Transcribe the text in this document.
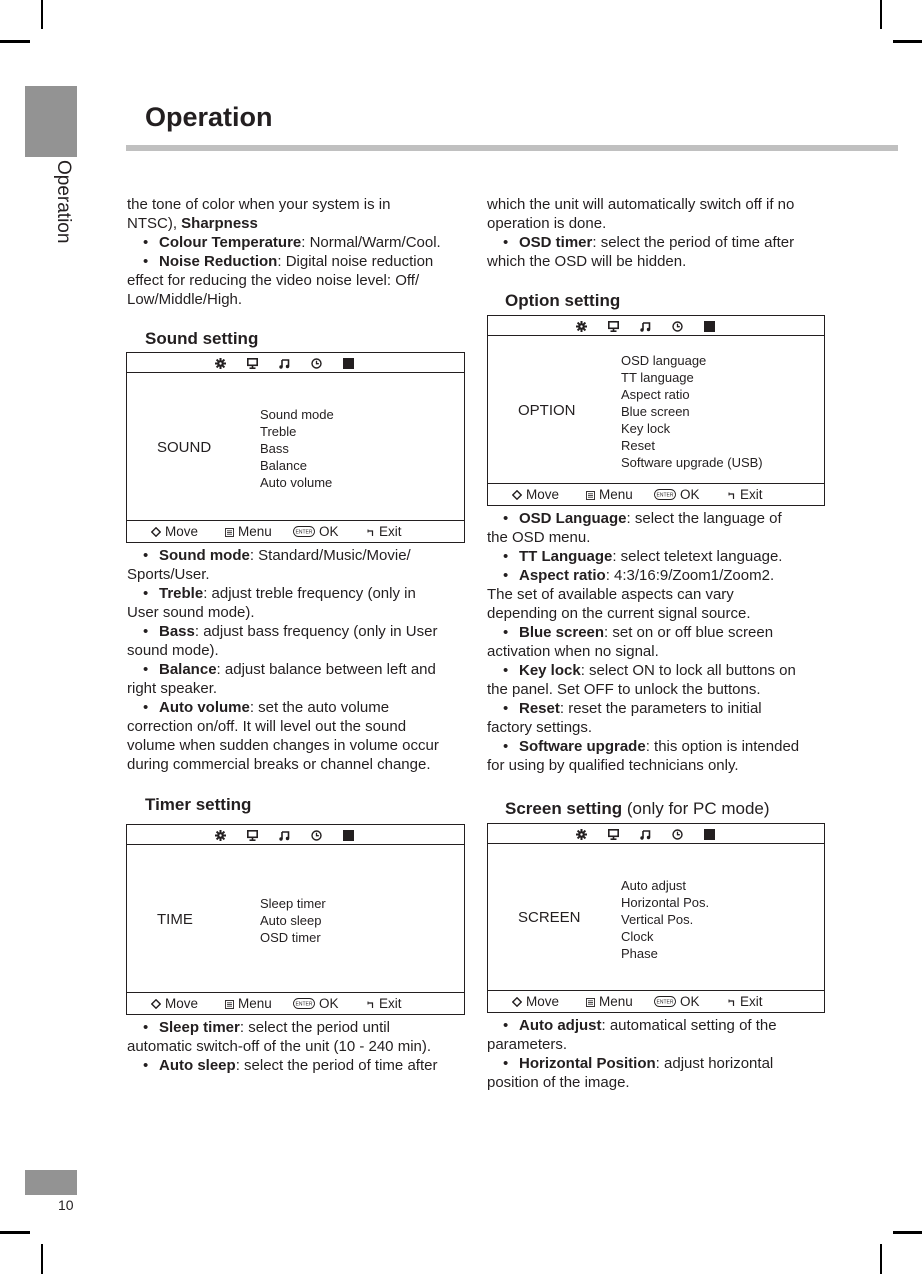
Operation
Operation

the tone of color when your system is in

NTSC), Sharpness

• Colour Temperature: Normal/Warm/Cool.

• Noise Reduction: Digital noise reduction

effect for reducing the video noise level: Off/

Low/Middle/High.

Sound setting
SOUND
Sound mode
Treble
Bass
Balance
Auto volume
Move	Menu	ENTER OK	Exit

• Sound mode: Standard/Music/Movie/

Sports/User.

• Treble: adjust treble frequency (only in

User sound mode).

• Bass: adjust bass frequency (only in User

sound mode).

• Balance: adjust balance between left and

right speaker.

• Auto volume: set the auto volume

correction on/off. It will level out the sound

volume when sudden changes in volume occur

during commercial breaks or channel change.

Timer setting
TIME
Sleep timer
Auto sleep
OSD timer
Move	Menu	ENTER OK	Exit

• Sleep timer: select the period until

automatic switch-off of the unit (10 - 240 min).

• Auto sleep: select the period of time after

which the unit will automatically switch off if no

operation is done.

• OSD timer: select the period of time after

which the OSD will be hidden.

Option setting
OPTION
OSD language
TT language
Aspect ratio
Blue screen
Key lock
Reset
Software upgrade (USB)
Move	Menu	ENTER OK	Exit

• OSD Language: select the language of

the OSD menu.

• TT Language: select teletext language.

• Aspect ratio: 4:3/16:9/Zoom1/Zoom2.

The set of available aspects can vary

depending on the current signal source.

• Blue screen: set on or off blue screen

activation when no signal.

• Key lock: select ON to lock all buttons on

the panel. Set OFF to unlock the buttons.

• Reset: reset the parameters to initial

factory settings.

• Software upgrade: this option is intended

for using by qualified technicians only.

Screen setting (only for PC mode)
SCREEN
Auto adjust
Horizontal Pos.
Vertical Pos.
Clock
Phase
Move	Menu	ENTER OK	Exit

• Auto adjust: automatical setting of the

parameters.

• Horizontal Position: adjust horizontal

position of the image.

10
